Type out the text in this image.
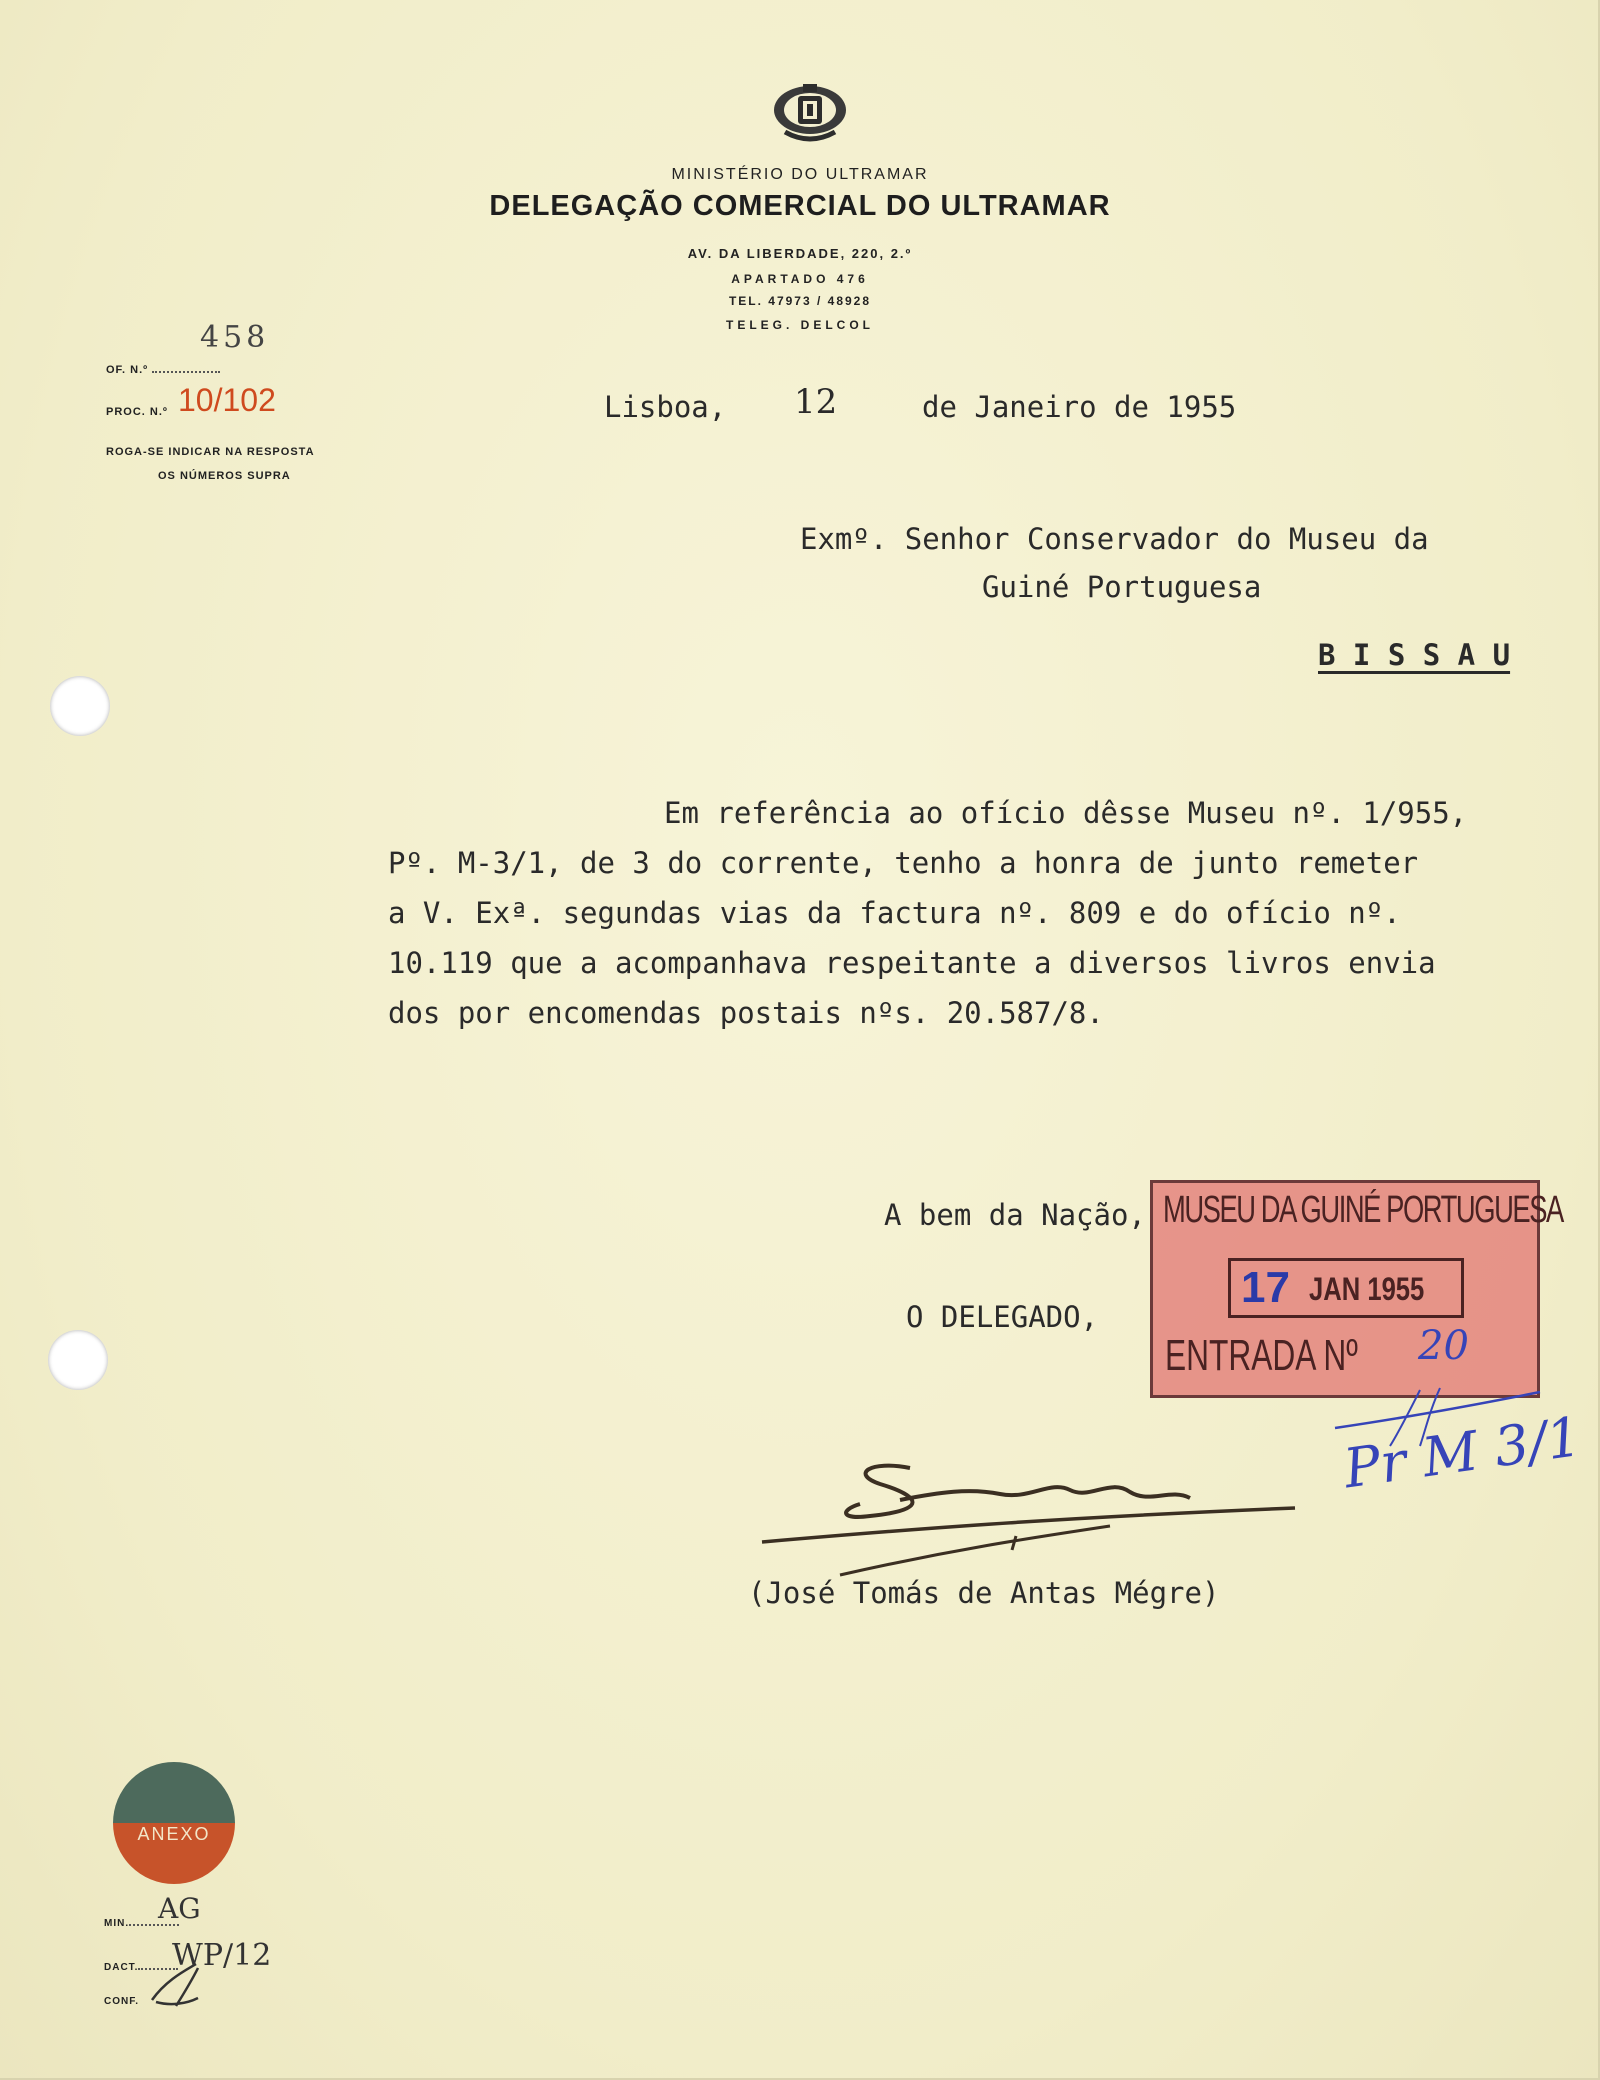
MINISTÉRIO DO ULTRAMAR
DELEGAÇÃO COMERCIAL DO ULTRAMAR
AV. DA LIBERDADE, 220, 2.º
APARTADO 476
TEL. 47973 / 48928
TELEG. DELCOL
458
OF. N.º
PROC. N.º 10/102
ROGA-SE INDICAR NA RESPOSTA
OS NÚMEROS SUPRA
Lisboa, 12	de Janeiro de 1955
Exmº. Senhor Conservador do Museu da
Guiné Portuguesa
B I S S A U
Em referência ao ofício dêsse Museu nº. 1/955,
Pº. M-3/1, de 3 do corrente, tenho a honra de junto remeter
a V. Exª. segundas vias da factura nº. 809 e do ofício nº.
10.119 que a acompanhava respeitante a diversos livros envia
dos por encomendas postais nºs. 20.587/8.
A bem da Nação,
O DELEGADO,
(José Tomás de Antas Mégre)
MUSEU DA GUINÉ PORTUGUESA
17 JAN 1955
ENTRADA Nº 20
Pr M 3/1
ANEXO
MIN.	AG
DACT.	WP/12
CONF.
